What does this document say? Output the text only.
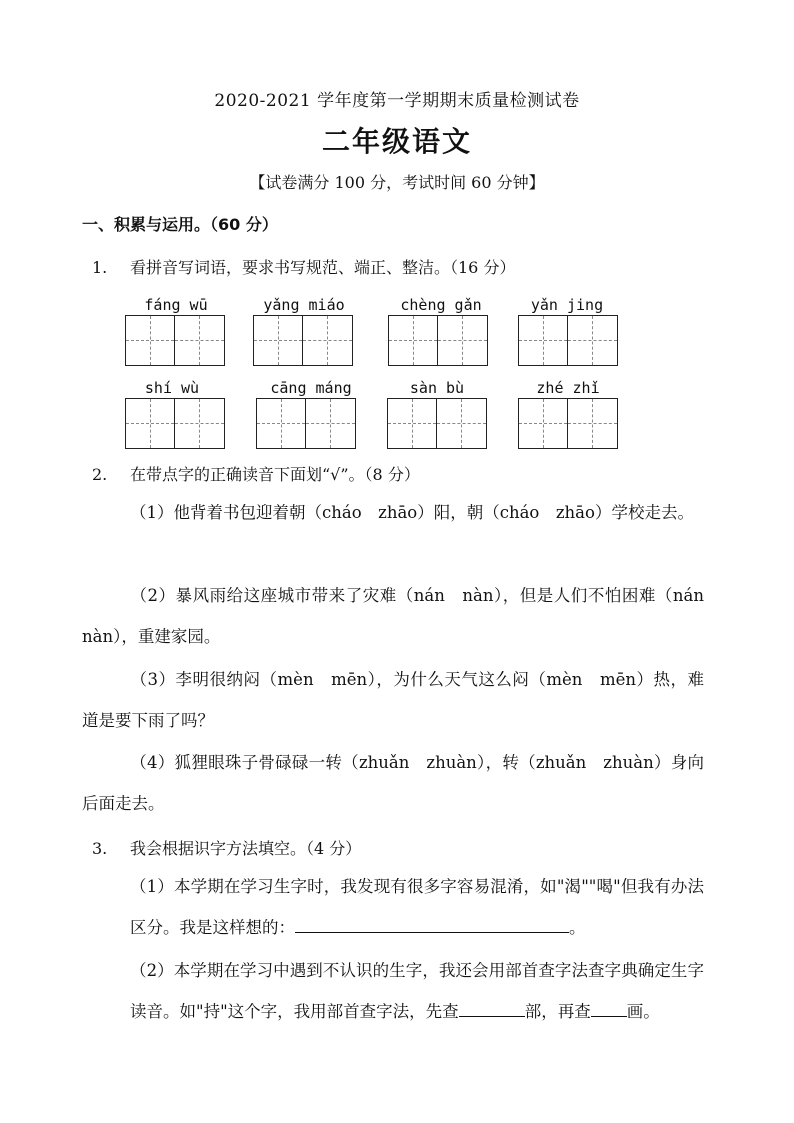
2020-2021 学年度第一学期期末质量检测试卷
二年级语文
【试卷满分 100 分，考试时间 60 分钟】
一、积累与运用。（60 分）
1. 看拼音写词语，要求书写规范、端正、整洁。（16 分）
fáng wū	yǎng miáo	chèng gǎn	yǎn jing
shí wù	cāng máng	sàn bù	zhé zhǐ
2. 在带点字的正确读音下面划“√”。（8 分）
（1）他背着书包迎着朝（cháo　zhāo）阳，朝（cháo　zhāo）学校走去。
（2）暴风雨给这座城市带来了灾难（nán　nàn），但是人们不怕困难（nán　nàn），重建家园。
（3）李明很纳闷（mèn　mēn），为什么天气这么闷（mèn　mēn）热，难道是要下雨了吗？
（4）狐狸眼珠子骨碌碌一转（zhuǎn　zhuàn），转（zhuǎn　zhuàn）身向后面走去。
3. 我会根据识字方法填空。（4 分）
（1）本学期在学习生字时，我发现有很多字容易混淆，如"渴""喝"但我有办法区分。我是这样想的：	。
（2）本学期在学习中遇到不认识的生字，我还会用部首查字法查字典确定生字读音。如"持"这个字，我用部首查字法，先查	部，再查 画。
